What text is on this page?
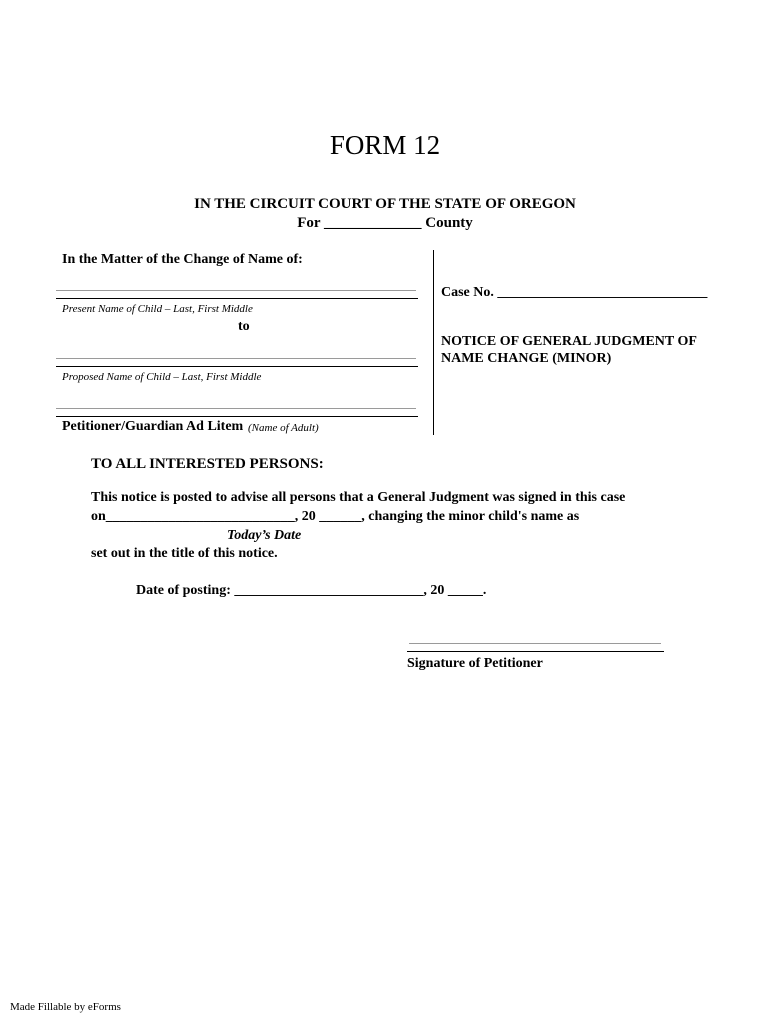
FORM 12
IN THE CIRCUIT COURT OF THE STATE OF OREGON
For _____________ County
In the Matter of the Change of Name of:
Present Name of Child – Last, First Middle
to
Proposed Name of Child – Last, First Middle
Petitioner/Guardian Ad Litem (Name of Adult)
Case No. ______________________________
NOTICE OF GENERAL JUDGMENT OF
NAME CHANGE (MINOR)
TO ALL INTERESTED PERSONS:
This notice is posted to advise all persons that a General Judgment was signed in this case
on___________________________, 20 ______, changing the minor child's name as
Today’s Date
set out in the title of this notice.
Date of posting: ___________________________, 20 _____.
Signature of Petitioner
Made Fillable by eForms
